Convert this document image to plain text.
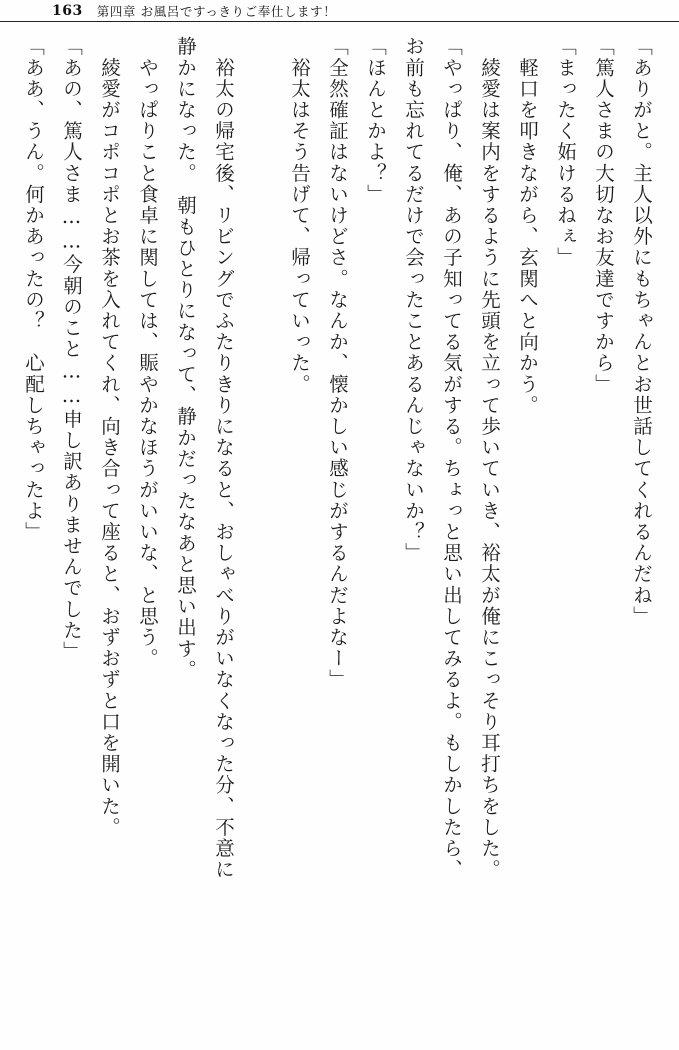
163 第四章 お風呂ですっきりご奉仕します！
「ありがと。主人以外にもちゃんとお世話してくれるんだね」
「篤人さまの大切なお友達ですから」
「まったく妬けるねぇ」
　軽口を叩きながら、玄関へと向かう。
　綾愛は案内をするように先頭を立って歩いていき、裕太が俺にこっそり耳打ちをした。
「やっぱり、俺、あの子知ってる気がする。ちょっと思い出してみるよ。もしかしたら、
お前も忘れてるだけで会ったことあるんじゃないか？」
「ほんとかよ？」
「全然確証はないけどさ。なんか、懐かしい感じがするんだよなー」
　裕太はそう告げて、帰っていった。
　裕太の帰宅後、リビングでふたりきりになると、おしゃべりがいなくなった分、不意に
静かになった。　朝もひとりになって、静かだったなあと思い出す。
　やっぱりこと食卓に関しては、賑やかなほうがいいな、と思う。
　綾愛がコポコポとお茶を入れてくれ、向き合って座ると、おずおずと口を開いた。
「あの、篤人さま……今朝のこと……申し訳ありませんでした」
「ああ、うん。何かあったの？　心配しちゃったよ」
